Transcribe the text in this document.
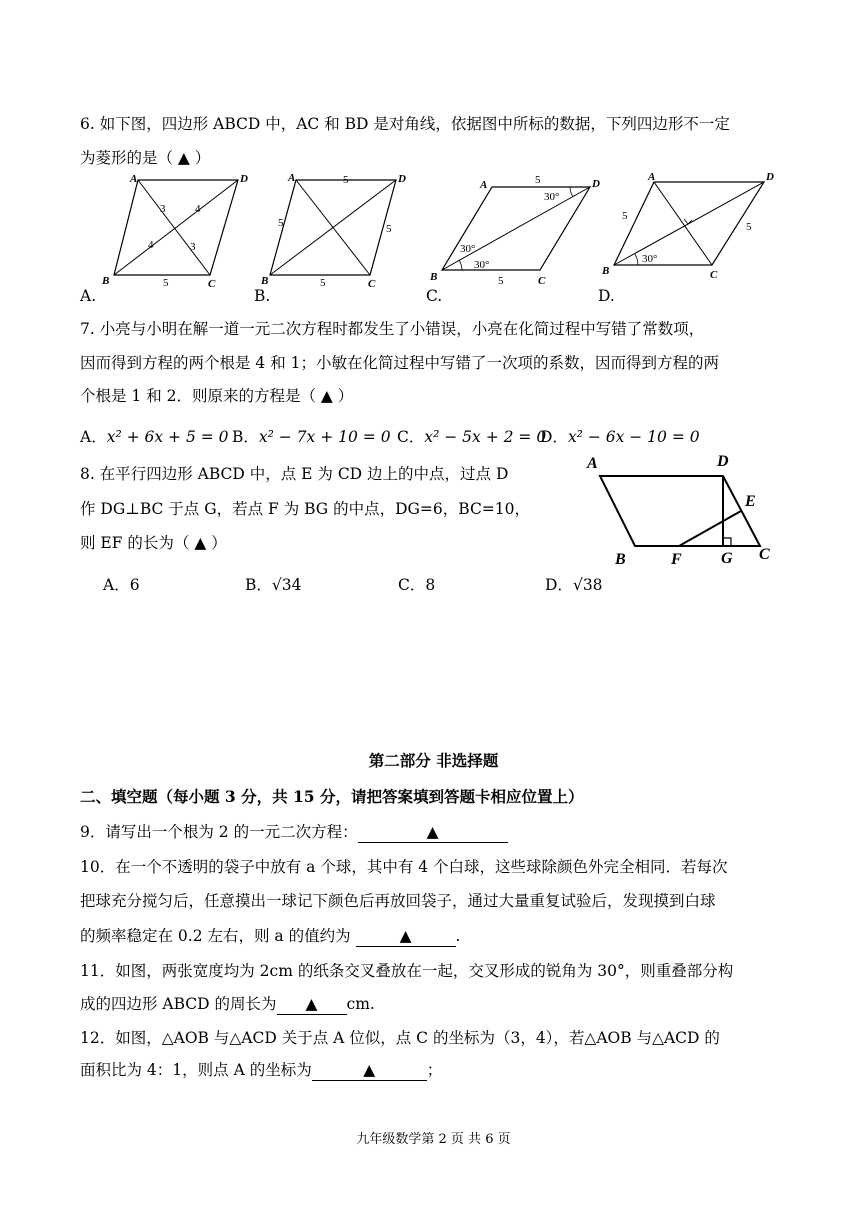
6. 如下图，四边形 ABCD 中，AC 和 BD 是对角线，依据图中所标的数据，下列四边形不一定
为菱形的是（ ▲ ）
A
B	C
D
3	4
4	3
5
A.
A
B	C
D
5
5	5
5
B.
A
B	C
D
5
5
30°
30°
30°
C.
A
B	C
D
5
5
30°
D.
7. 小亮与小明在解一道一元二次方程时都发生了小错误，小亮在化简过程中写错了常数项，
因而得到方程的两个根是 4 和 1；小敏在化简过程中写错了一次项的系数，因而得到方程的两
个根是 1 和 2．则原来的方程是（ ▲ ）
A．x² + 6x + 5 = 0 B．x² − 7x + 10 = 0 C．x² − 5x + 2 = 0
D．x² − 6x − 10 = 0
8. 在平行四边形 ABCD 中，点 E 为 CD 边上的中点，过点 D
作 DG⊥BC 于点 G，若点 F 为 BG 的中点，DG=6，BC=10，
则 EF 的长为（ ▲ ）
A．6	B．√34	C．8	D．√38
A	D
E
B	F G C
第二部分 非选择题
二、填空题（每小题 3 分，共 15 分，请把答案填到答题卡相应位置上）
9．请写出一个根为 2 的一元二次方程：	▲
10．在一个不透明的袋子中放有 a 个球，其中有 4 个白球，这些球除颜色外完全相同．若每次
把球充分搅匀后，任意摸出一球记下颜色后再放回袋子，通过大量重复试验后，发现摸到白球
的频率稳定在 0.2 左右，则 a 的值约为	▲	.
11．如图，两张宽度均为 2cm 的纸条交叉叠放在一起，交叉形成的锐角为 30°，则重叠部分构
成的四边形 ABCD 的周长为 ▲ cm.
12．如图，△AOB 与△ACD 关于点 A 位似，点 C 的坐标为（3，4），若△AOB 与△ACD 的
面积比为 4：1，则点 A 的坐标为	▲	；
九年级数学第 2 页 共 6 页
